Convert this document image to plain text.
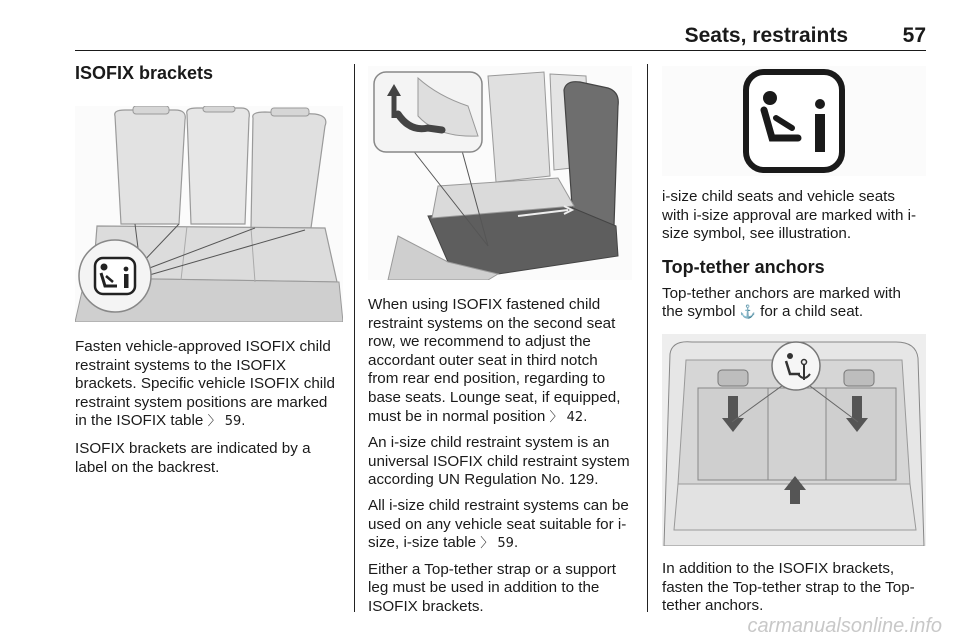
Seats, restraints	57
ISOFIX brackets

Fasten vehicle-approved ISOFIX child restraint systems to the ISOFIX brackets. Specific vehicle ISOFIX child restraint system positions are marked in the ISOFIX table 〉 59.

ISOFIX brackets are indicated by a label on the backrest.

When using ISOFIX fastened child restraint systems on the second seat row, we recommend to adjust the accordant outer seat in third notch from rear end position, regarding to base seats. Lounge seat, if equipped, must be in normal position 〉 42.

An i-size child restraint system is an universal ISOFIX child restraint system according UN Regulation No. 129.

All i-size child restraint systems can be used on any vehicle seat suitable for i-size, i-size table 〉 59.

Either a Top-tether strap or a support leg must be used in addition to the ISOFIX brackets.

i-size child seats and vehicle seats with i-size approval are marked with i-size symbol, see illustration.

Top-tether anchors

Top-tether anchors are marked with the symbol ⚓ for a child seat.

In addition to the ISOFIX brackets, fasten the Top-tether strap to the Top-tether anchors.

carmanualsonline.info
